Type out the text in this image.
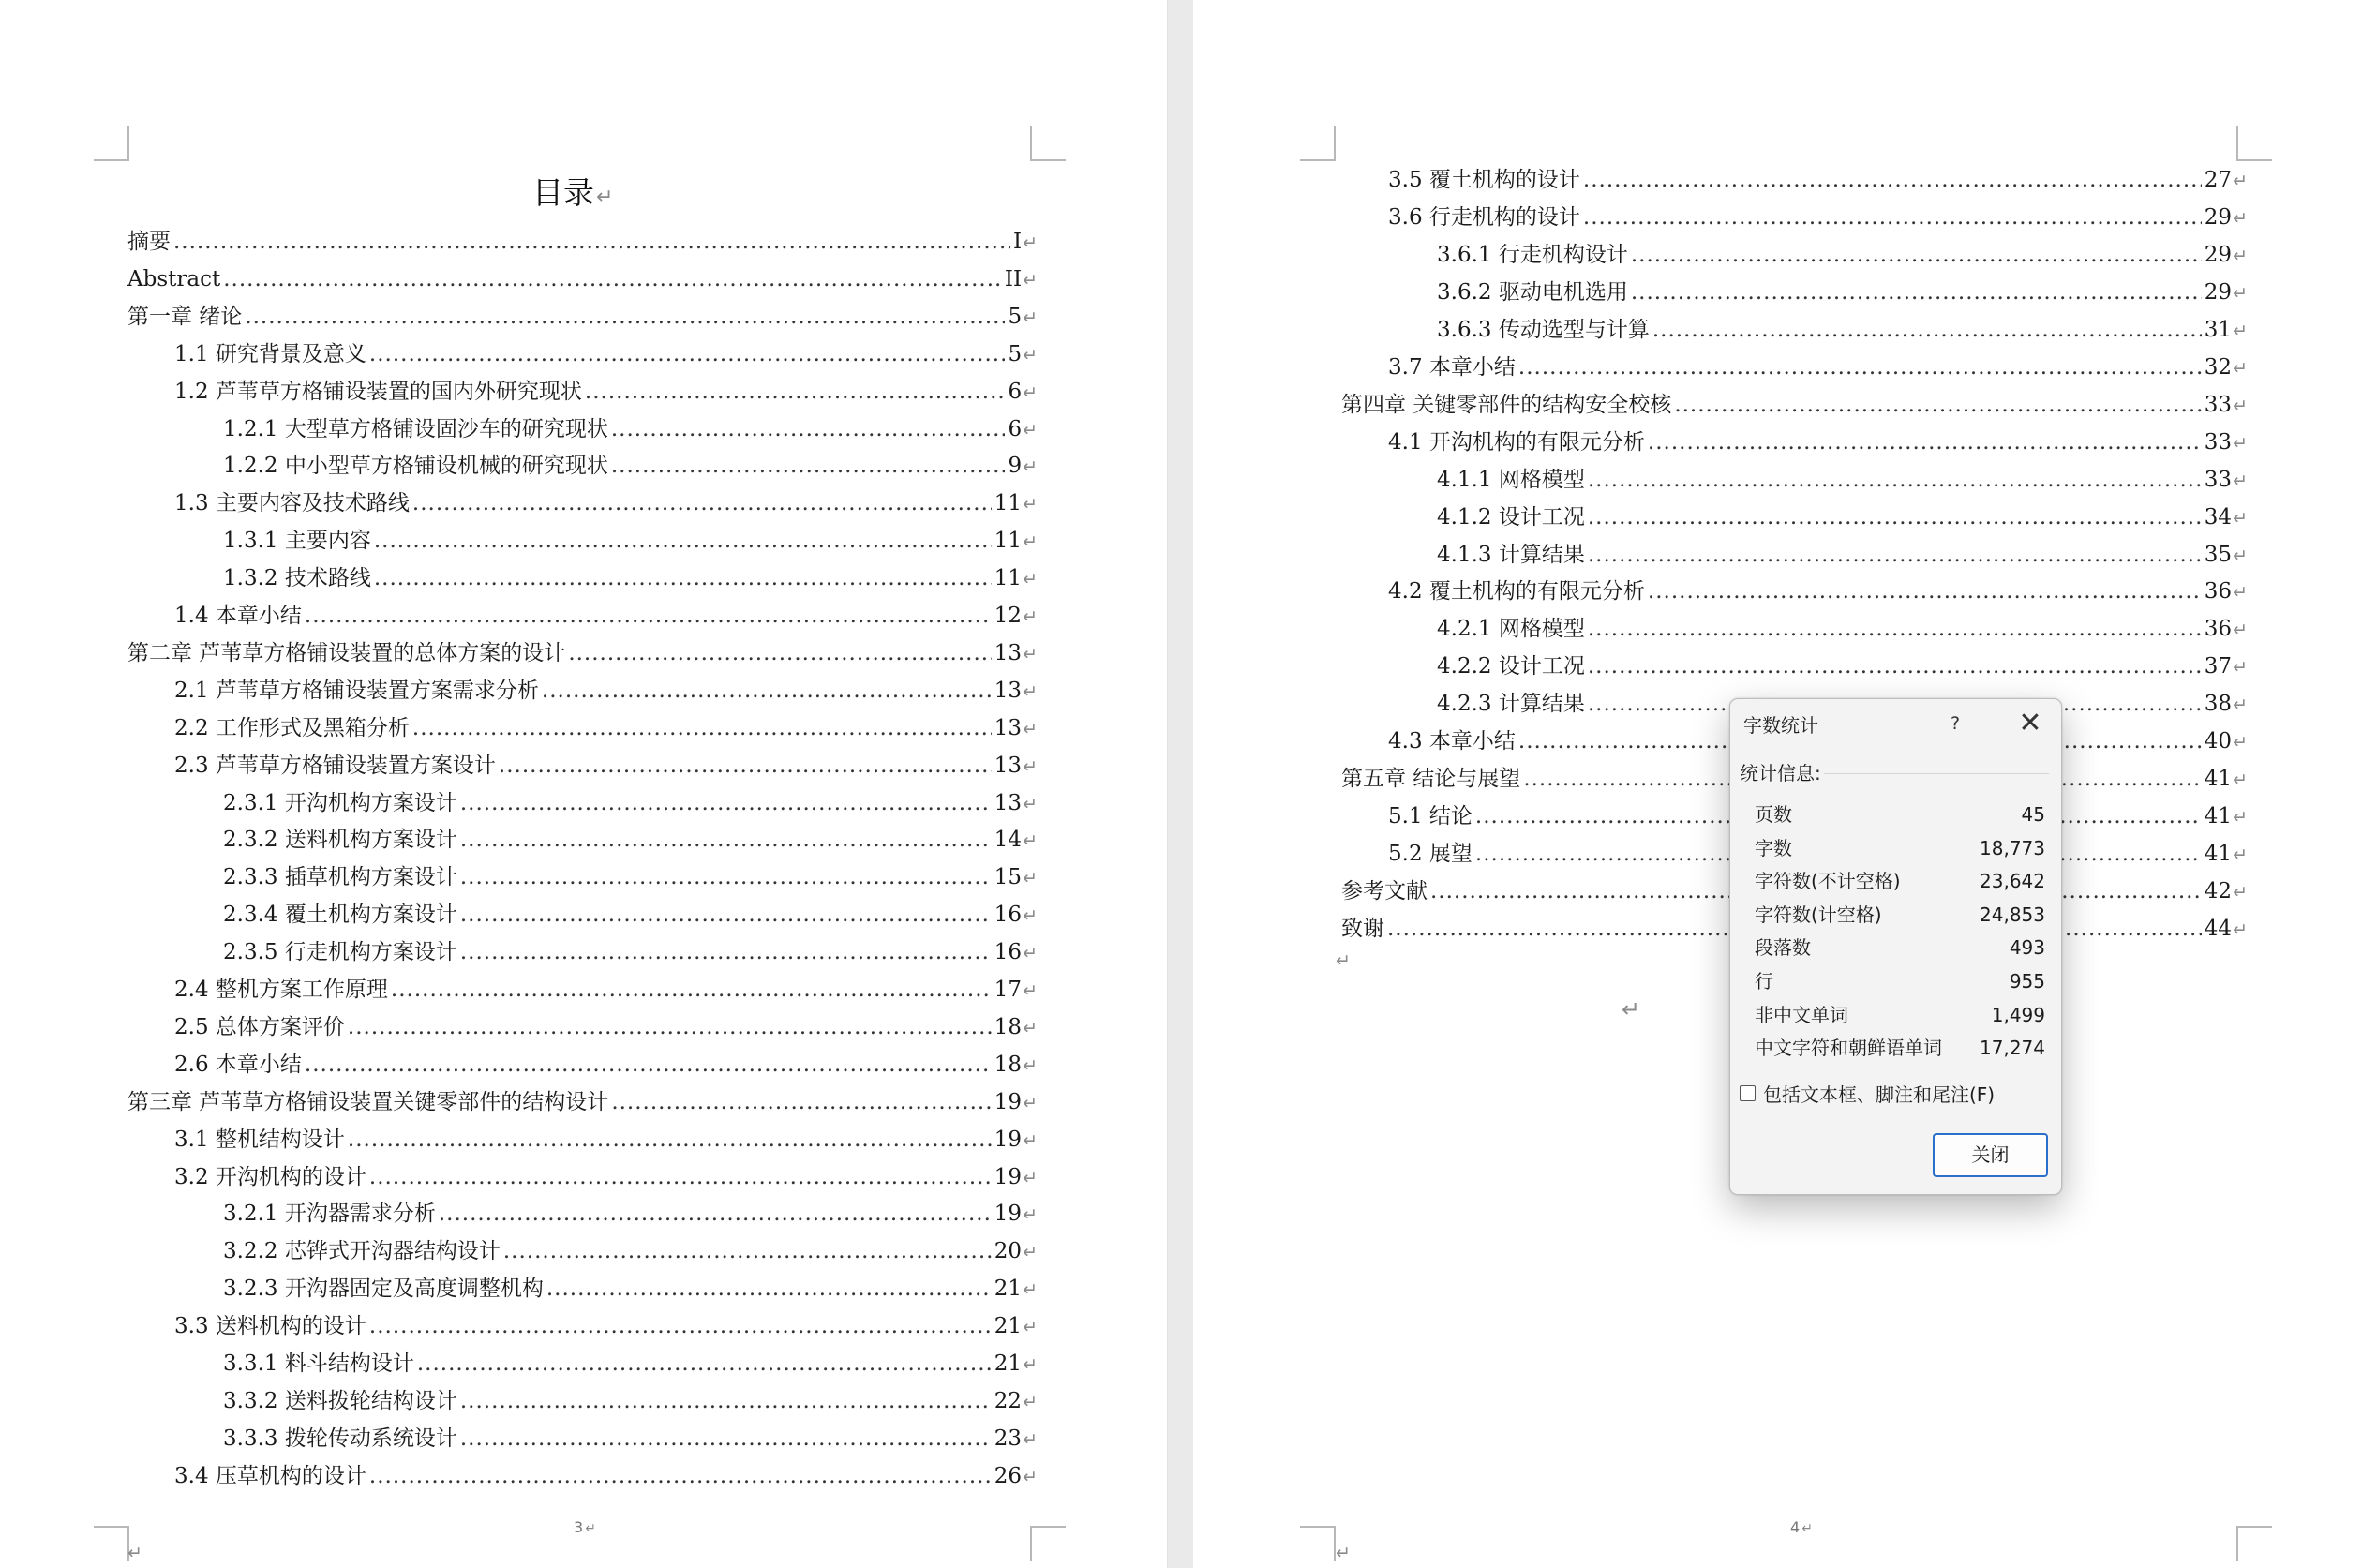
目录↵
摘要 .....	I ↵
Abstract .....	II ↵
第一章 绪论 .....	5 ↵
1.1 研究背景及意义 .....	5 ↵
1.2 芦苇草方格铺设装置的国内外研究现状 .....	6 ↵
1.2.1 大型草方格铺设固沙车的研究现状 .....	6 ↵
1.2.2 中小型草方格铺设机械的研究现状 .....	9 ↵
1.3 主要内容及技术路线 .....	11 ↵
1.3.1 主要内容 .....	11 ↵
1.3.2 技术路线 .....	11 ↵
1.4 本章小结 .....	12 ↵
第二章 芦苇草方格铺设装置的总体方案的设计 .....	13 ↵
2.1 芦苇草方格铺设装置方案需求分析 .....	13 ↵
2.2 工作形式及黑箱分析 .....	13 ↵
2.3 芦苇草方格铺设装置方案设计 .....	13 ↵
2.3.1 开沟机构方案设计 .....	13 ↵
2.3.2 送料机构方案设计 .....	14 ↵
2.3.3 插草机构方案设计 .....	15 ↵
2.3.4 覆土机构方案设计 .....	16 ↵
2.3.5 行走机构方案设计 .....	16 ↵
2.4 整机方案工作原理 .....	17 ↵
2.5 总体方案评价 .....	18 ↵
2.6 本章小结 .....	18 ↵
第三章 芦苇草方格铺设装置关键零部件的结构设计 .....	19 ↵
3.1 整机结构设计 .....	19 ↵
3.2 开沟机构的设计 .....	19 ↵
3.2.1 开沟器需求分析 .....	19 ↵
3.2.2 芯铧式开沟器结构设计 .....	20 ↵
3.2.3 开沟器固定及高度调整机构 .....	21 ↵
3.3 送料机构的设计 .....	21 ↵
3.3.1 料斗结构设计 .....	21 ↵
3.3.2 送料拨轮结构设计 .....	22 ↵
3.3.3 拨轮传动系统设计 .....	23 ↵
3.4 压草机构的设计 .....	26 ↵
3 ↵
↵
3.5 覆土机构的设计 .....	27 ↵
3.6 行走机构的设计 .....	29 ↵
3.6.1 行走机构设计 .....	29 ↵
3.6.2 驱动电机选用 .....	29 ↵
3.6.3 传动选型与计算 .....	31 ↵
3.7 本章小结 .....	32 ↵
第四章 关键零部件的结构安全校核 .....	33 ↵
4.1 开沟机构的有限元分析 .....	33 ↵
4.1.1 网格模型 .....	33 ↵
4.1.2 设计工况 .....	34 ↵
4.1.3 计算结果 .....	35 ↵
4.2 覆土机构的有限元分析 .....	36 ↵
4.2.1 网格模型 .....	36 ↵
4.2.2 设计工况 .....	37 ↵
4.2.3 计算结果 .....	38 ↵
4.3 本章小结 .....	40 ↵
第五章 结论与展望 .....	41 ↵
5.1 结论 .....	41 ↵
5.2 展望 .....	41 ↵
参考文献 .....	42 ↵
致谢 .....	44 ↵
↵
↵
4 ↵
↵
字数统计	?	✕
统计信息:
页数	45
字数	18,773
字符数(不计空格)	23,642
字符数(计空格)	24,853
段落数	493
行	955
非中文单词	1,499
中文字符和朝鲜语单词 17,274
包括文本框、脚注和尾注(F)
关闭
